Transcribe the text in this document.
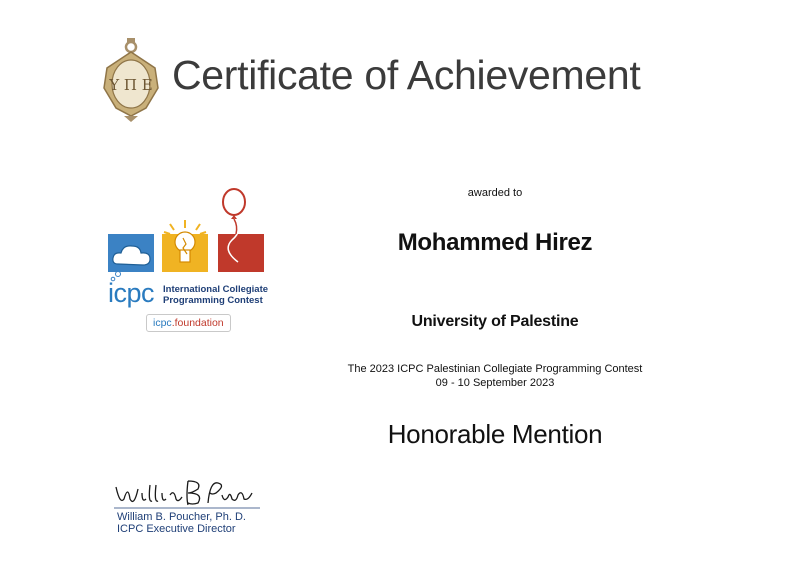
Υ Π Ε Certificate of Achievement
icpc International Collegiate
Programming Contest
icpc.foundation
awarded to
Mohammed Hirez
University of Palestine
The 2023 ICPC Palestinian Collegiate Programming Contest
09 - 10 September 2023
Honorable Mention
William B. Poucher, Ph. D.
ICPC Executive Director
